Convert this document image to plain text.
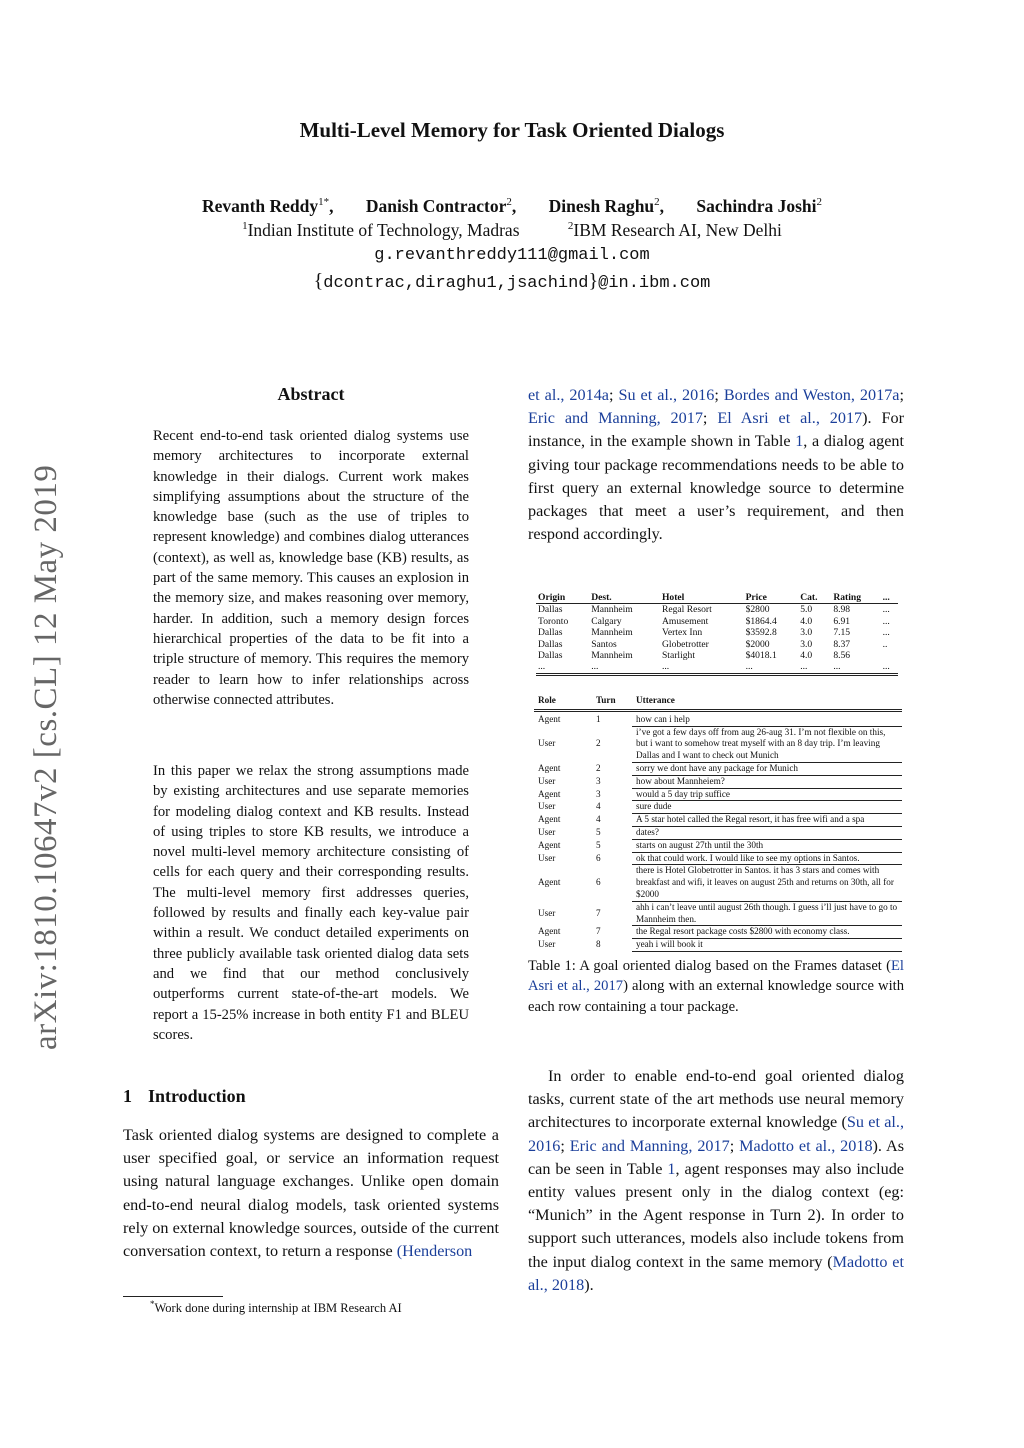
Multi-Level Memory for Task Oriented Dialogs
Revanth Reddy$^{1*}$, Danish Contractor$^2$, Dinesh Raghu$^2$, Sachindra Joshi$^2$
$^1$Indian Institute of Technology, Madras	$^2$IBM Research AI, New Delhi
g.revanthreddy111@gmail.com
{dcontrac,diraghu1,jsachind}@in.ibm.com
arXiv:1810.10647v2 [cs.CL] 12 May 2019
Abstract
Recent end-to-end task oriented dialog systems use memory architectures to incorporate external knowledge in their dialogs. Current work makes simplifying assumptions about the structure of the knowledge base (such as the use of triples to represent knowledge) and combines dialog utterances (context), as well as, knowledge base (KB) results, as part of the same memory. This causes an explosion in the memory size, and makes reasoning over memory, harder. In addition, such a memory design forces hierarchical properties of the data to be fit into a triple structure of memory. This requires the memory reader to learn how to infer relationships across otherwise connected attributes.
In this paper we relax the strong assumptions made by existing architectures and use separate memories for modeling dialog context and KB results. Instead of using triples to store KB results, we introduce a novel multi-level memory architecture consisting of cells for each query and their corresponding results. The multi-level memory first addresses queries, followed by results and finally each key-value pair within a result. We conduct detailed experiments on three publicly available task oriented dialog data sets and we find that our method conclusively outperforms current state-of-the-art models. We report a 15-25% increase in both entity F1 and BLEU scores.
1 Introduction
Task oriented dialog systems are designed to complete a user specified goal, or service an information request using natural language exchanges. Unlike open domain end-to-end neural dialog models, task oriented systems rely on external knowledge sources, outside of the current conversation context, to return a response (Henderson
*Work done during internship at IBM Research AI
et al., 2014a; Su et al., 2016; Bordes and Weston, 2017a; Eric and Manning, 2017; El Asri et al., 2017). For instance, in the example shown in Table 1, a dialog agent giving tour package recommendations needs to be able to first query an external knowledge source to determine packages that meet a user’s requirement, and then respond accordingly.
Origin	Dest.	Hotel	Price	Cat.	Rating	...
Dallas	Mannheim	Regal Resort	$2800	5.0	8.98	...
Toronto	Calgary	Amusement	$1864.4	4.0	6.91	...
Dallas	Mannheim	Vertex Inn	$3592.8	3.0	7.15	...
Dallas	Santos	Globetrotter	$2000	3.0	8.37	..
Dallas	Mannheim	Starlight	$4018.1	4.0	8.56	
...	...	...	...	...	...	...
Role	Turn	Utterance
Agent	1	how can i help
User	2	i’ve got a few days off from aug 26-aug 31. I’m not flexible on this, but i want to somehow treat myself with an 8 day trip. I’m leaving Dallas and I want to check out Munich
Agent	2	sorry we dont have any package for Munich
User	3	how about Mannheiem?
Agent	3	would a 5 day trip suffice
User	4	sure dude
Agent	4	A 5 star hotel called the Regal resort, it has free wifi and a spa
User	5	dates?
Agent	5	starts on august 27th until the 30th
User	6	ok that could work. I would like to see my options in Santos.
Agent	6	there is Hotel Globetrotter in Santos. it has 3 stars and comes with breakfast and wifi, it leaves on august 25th and returns on 30th, all for $2000
User	7	ahh i can’t leave until august 26th though. I guess i’ll just have to go to Mannheim then.
Agent	7	the Regal resort package costs $2800 with economy class.
User	8	yeah i will book it
Table 1: A goal oriented dialog based on the Frames dataset (El Asri et al., 2017) along with an external knowledge source with each row containing a tour package.
In order to enable end-to-end goal oriented dialog tasks, current state of the art methods use neural memory architectures to incorporate external knowledge (Su et al., 2016; Eric and Manning, 2017; Madotto et al., 2018). As can be seen in Table 1, agent responses may also include entity values present only in the dialog context (eg: “Munich” in the Agent response in Turn 2). In order to support such utterances, models also include tokens from the input dialog context in the same memory (Madotto et al., 2018).
